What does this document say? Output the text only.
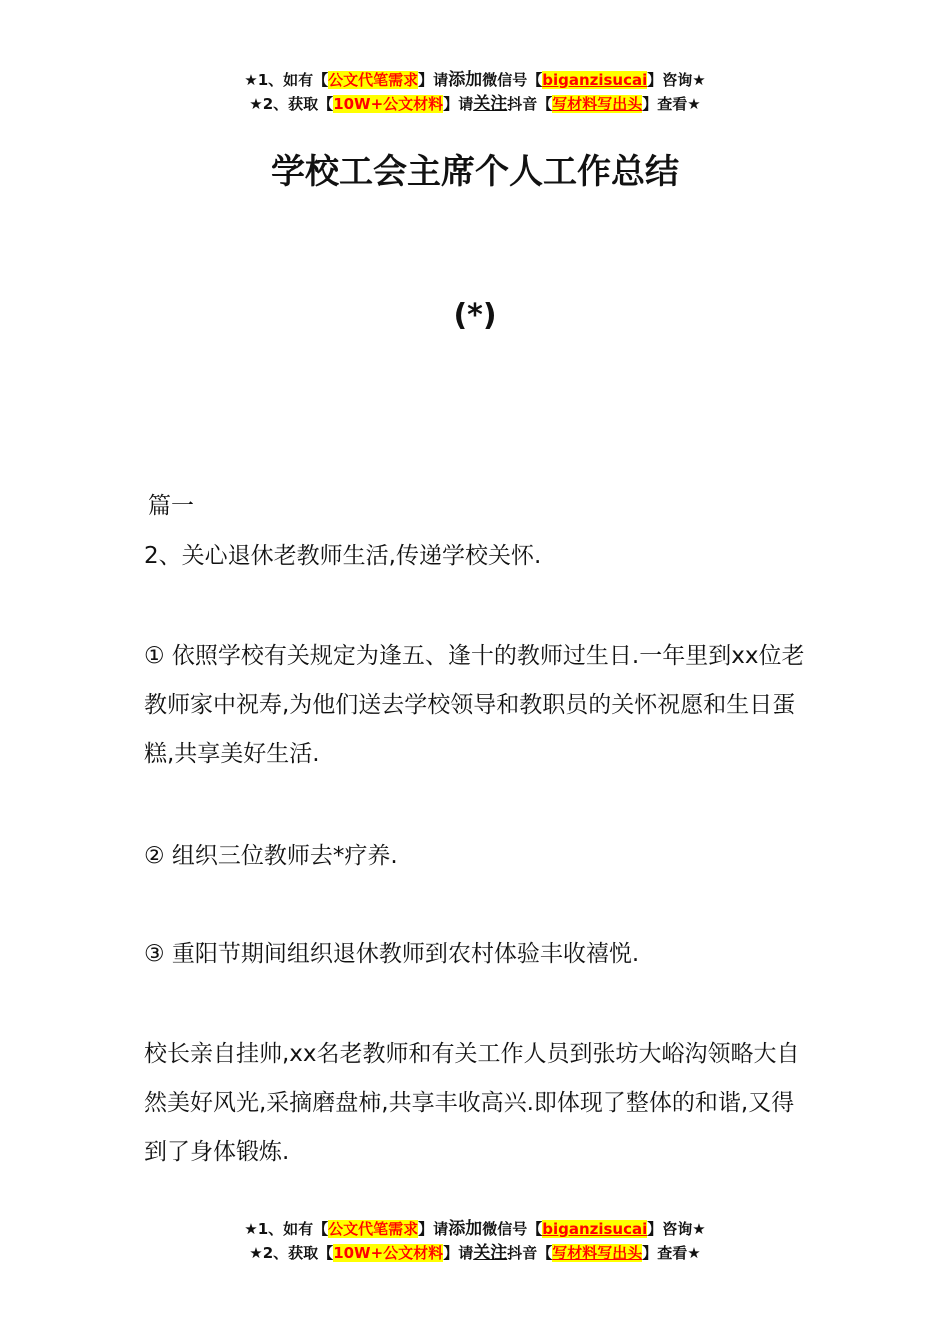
★1、如有【公文代笔需求】请添加微信号【biganzisucai】咨询★
★2、获取【10W+公文材料】请关注抖音【写材料写出头】查看★
学校工会主席个人工作总结
(*)

篇一

2、关心退休老教师生活,传递学校关怀.

① 依照学校有关规定为逢五、逢十的教师过生日.一年里到xx位老教师家中祝寿,为他们送去学校领导和教职员的关怀祝愿和生日蛋糕,共享美好生活.

② 组织三位教师去*疗养.

③ 重阳节期间组织退休教师到农村体验丰收禧悦.

校长亲自挂帅,xx名老教师和有关工作人员到张坊大峪沟领略大自然美好风光,采摘磨盘柿,共享丰收高兴.即体现了整体的和谐,又得到了身体锻炼.

★1、如有【公文代笔需求】请添加微信号【biganzisucai】咨询★
★2、获取【10W+公文材料】请关注抖音【写材料写出头】查看★
